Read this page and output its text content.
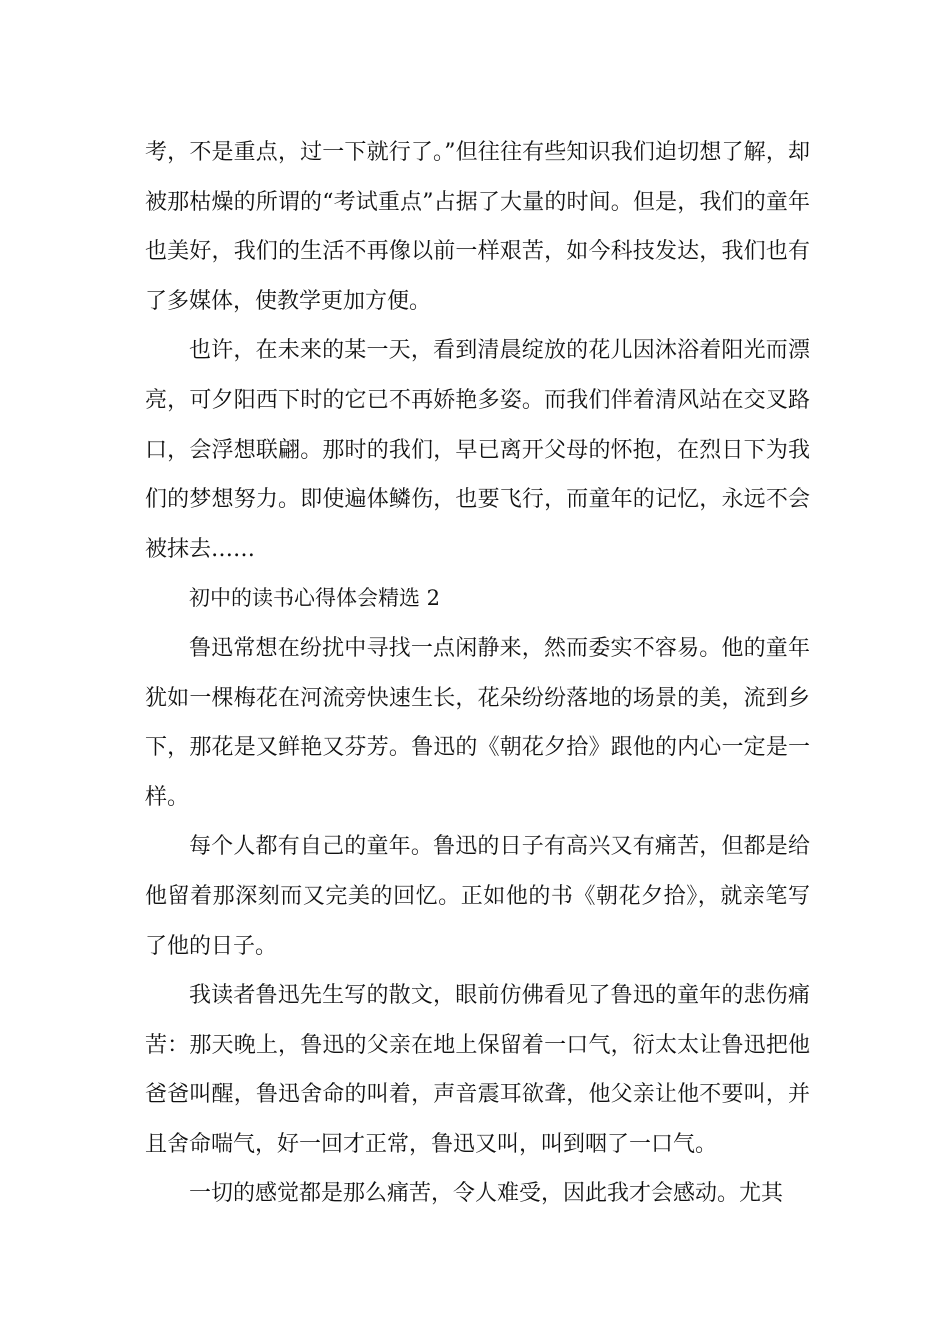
考，不是重点，过一下就行了。”但往往有些知识我们迫切想了解，却被那枯燥的所谓的“考试重点”占据了大量的时间。但是，我们的童年也美好，我们的生活不再像以前一样艰苦，如今科技发达，我们也有了多媒体，使教学更加方便。

也许，在未来的某一天，看到清晨绽放的花儿因沐浴着阳光而漂亮，可夕阳西下时的它已不再娇艳多姿。而我们伴着清风站在交叉路口，会浮想联翩。那时的我们，早已离开父母的怀抱，在烈日下为我们的梦想努力。即使遍体鳞伤，也要飞行，而童年的记忆，永远不会被抹去……

初中的读书心得体会精选 2

鲁迅常想在纷扰中寻找一点闲静来，然而委实不容易。他的童年犹如一棵梅花在河流旁快速生长，花朵纷纷落地的场景的美，流到乡下，那花是又鲜艳又芬芳。鲁迅的《朝花夕拾》跟他的内心一定是一样。

每个人都有自己的童年。鲁迅的日子有高兴又有痛苦，但都是给他留着那深刻而又完美的回忆。正如他的书《朝花夕拾》，就亲笔写了他的日子。

我读者鲁迅先生写的散文，眼前仿佛看见了鲁迅的童年的悲伤痛苦：那天晚上，鲁迅的父亲在地上保留着一口气，衍太太让鲁迅把他爸爸叫醒，鲁迅舍命的叫着，声音震耳欲聋，他父亲让他不要叫，并且舍命喘气，好一回才正常，鲁迅又叫，叫到咽了一口气。

一切的感觉都是那么痛苦，令人难受，因此我才会感动。尤其
